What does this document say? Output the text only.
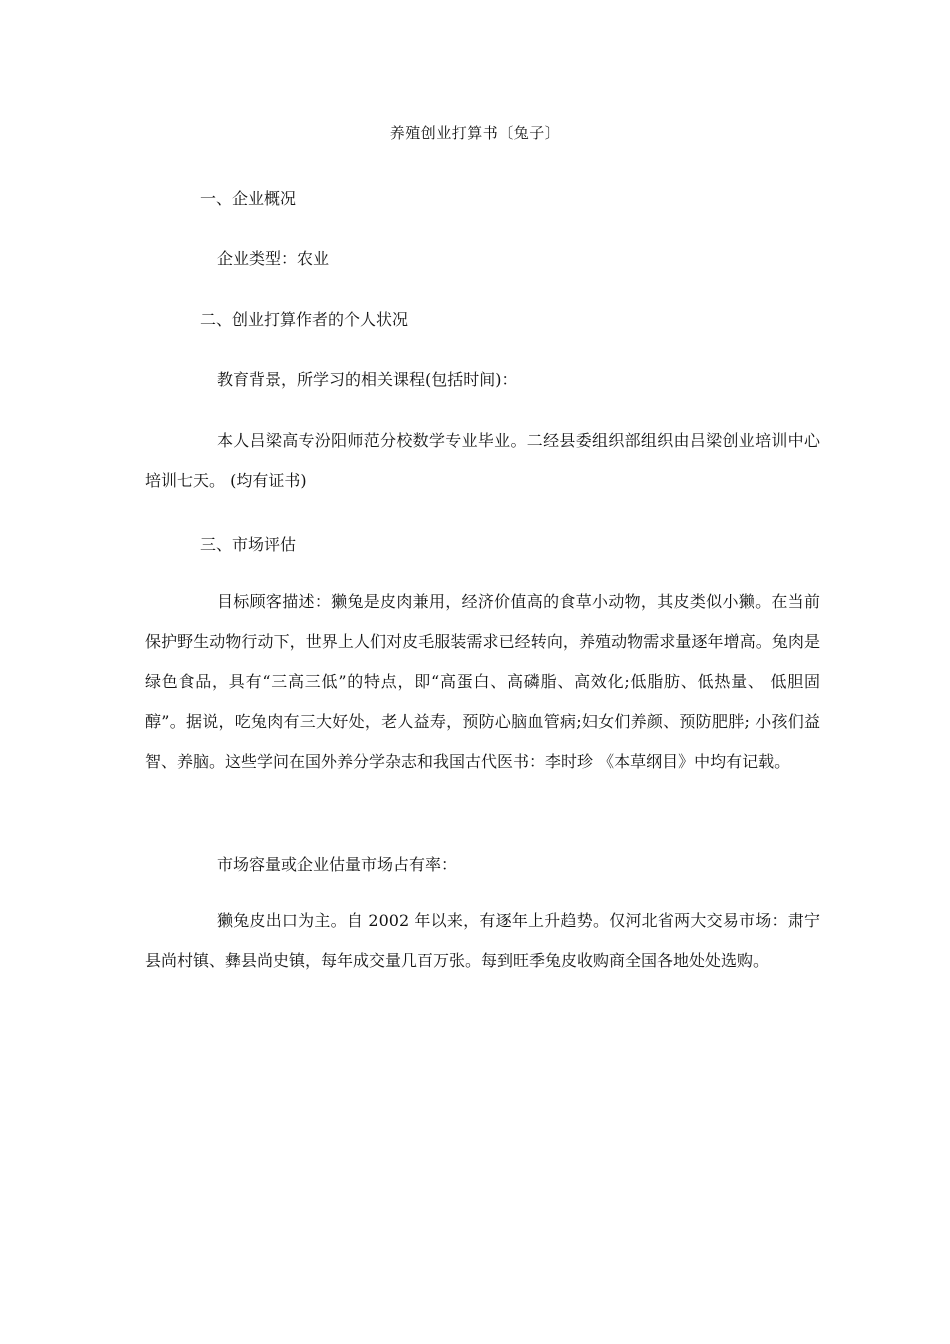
养殖创业打算书〔兔子〕
一、企业概况
企业类型：农业
二、创业打算作者的个人状况
教育背景，所学习的相关课程(包括时间)：
本人吕梁高专汾阳师范分校数学专业毕业。二经县委组织部组织由吕梁创业培训中心培训七天。 (均有证书)
三、市场评估
目标顾客描述：獭兔是皮肉兼用，经济价值高的食草小动物，其皮类似小獭。在当前保护野生动物行动下，世界上人们对皮毛服装需求已经转向，养殖动物需求量逐年增高。兔肉是绿色食品，具有“三高三低”的特点，即“高蛋白、高磷脂、高效化;低脂肪、低热量、 低胆固醇”。据说，吃兔肉有三大好处，老人益寿，预防心脑血管病;妇女们养颜、预防肥胖; 小孩们益智、养脑。这些学问在国外养分学杂志和我国古代医书：李时珍 《本草纲目》中均有记载。
市场容量或企业估量市场占有率：
獭兔皮出口为主。自 2002 年以来，有逐年上升趋势。仅河北省两大交易市场：肃宁县尚村镇、彝县尚史镇，每年成交量几百万张。每到旺季兔皮收购商全国各地处处选购。
